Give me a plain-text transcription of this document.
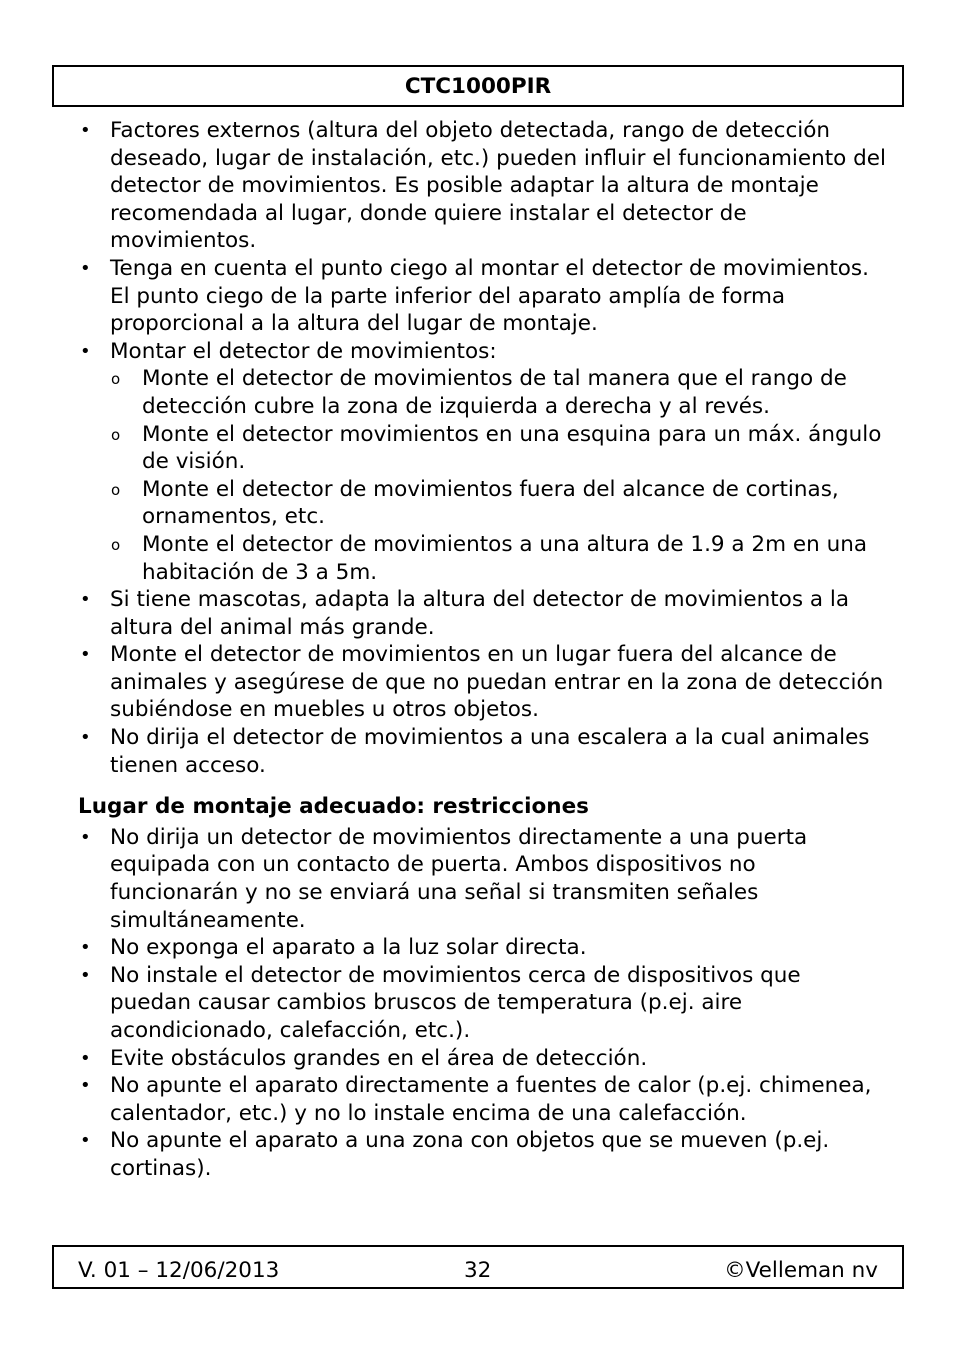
CTC1000PIR
• Factores externos (altura del objeto detectada, rango de detección deseado, lugar de instalación, etc.) pueden influir el funcionamiento del detector de movimientos. Es posible adaptar la altura de montaje recomendada al lugar, donde quiere instalar el detector de movimientos.
• Tenga en cuenta el punto ciego al montar el detector de movimientos. El punto ciego de la parte inferior del aparato amplía de forma proporcional a la altura del lugar de montaje.
• Montar el detector de movimientos:
o Monte el detector de movimientos de tal manera que el rango de detección cubre la zona de izquierda a derecha y al revés.
o Monte el detector movimientos en una esquina para un máx. ángulo de visión.
o Monte el detector de movimientos fuera del alcance de cortinas, ornamentos, etc.
o Monte el detector de movimientos a una altura de 1.9 a 2m en una habitación de 3 a 5m.
• Si tiene mascotas, adapta la altura del detector de movimientos a la altura del animal más grande.
• Monte el detector de movimientos en un lugar fuera del alcance de animales y asegúrese de que no puedan entrar en la zona de detección subiéndose en muebles u otros objetos.
• No dirija el detector de movimientos a una escalera a la cual animales tienen acceso.
Lugar de montaje adecuado: restricciones
• No dirija un detector de movimientos directamente a una puerta equipada con un contacto de puerta. Ambos dispositivos no funcionarán y no se enviará una señal si transmiten señales simultáneamente.
• No exponga el aparato a la luz solar directa.
• No instale el detector de movimientos cerca de dispositivos que puedan causar cambios bruscos de temperatura (p.ej. aire acondicionado, calefacción, etc.).
• Evite obstáculos grandes en el área de detección.
• No apunte el aparato directamente a fuentes de calor (p.ej. chimenea, calentador, etc.) y no lo instale encima de una calefacción.
• No apunte el aparato a una zona con objetos que se mueven (p.ej. cortinas).
V. 01 – 12/06/2013	32	©Velleman nv
